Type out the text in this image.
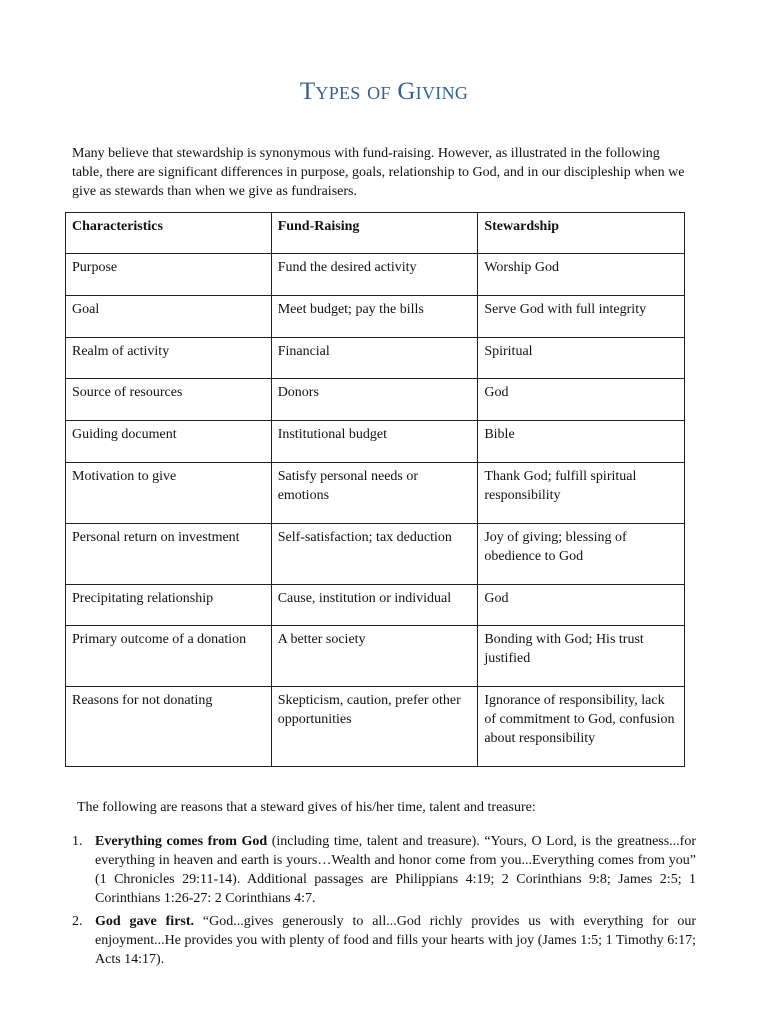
Types of Giving

Many believe that stewardship is synonymous with fund-raising. However, as illustrated in the following table, there are significant differences in purpose, goals, relationship to God, and in our discipleship when we give as stewards than when we give as fundraisers.

Characteristics	Fund-Raising	Stewardship
Purpose	Fund the desired activity	Worship God
Goal	Meet budget; pay the bills	Serve God with full integrity
Realm of activity	Financial	Spiritual
Source of resources	Donors	God
Guiding document	Institutional budget	Bible
Motivation to give	Satisfy personal needs or emotions	Thank God; fulfill spiritual responsibility
Personal return on investment	Self-satisfaction; tax deduction	Joy of giving; blessing of obedience to God
Precipitating relationship	Cause, institution or individual	God
Primary outcome of a donation	A better society	Bonding with God; His trust justified
Reasons for not donating	Skepticism, caution, prefer other opportunities	Ignorance of responsibility, lack of commitment to God, confusion about responsibility

The following are reasons that a steward gives of his/her time, talent and treasure:

1. Everything comes from God (including time, talent and treasure). “Yours, O Lord, is the greatness...for everything in heaven and earth is yours…Wealth and honor come from you...Everything comes from you” (1 Chronicles 29:11-14). Additional passages are Philippians 4:19; 2 Corinthians 9:8; James 2:5; 1 Corinthians 1:26-27: 2 Corinthians 4:7.
2. God gave first. “God...gives generously to all...God richly provides us with everything for our enjoyment...He provides you with plenty of food and fills your hearts with joy (James 1:5; 1 Timothy 6:17; Acts 14:17).
